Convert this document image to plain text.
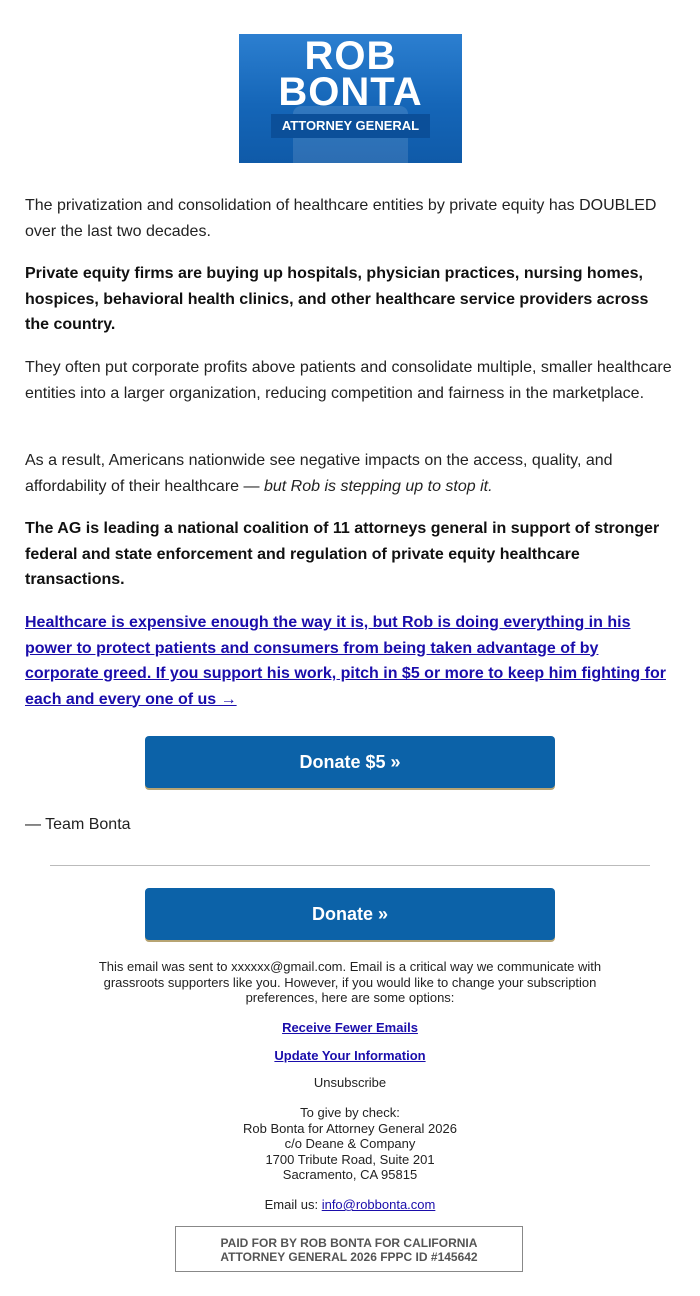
ROB
BONTA
ATTORNEY GENERAL

The privatization and consolidation of healthcare entities by private equity has DOUBLED over the last two decades.

Private equity firms are buying up hospitals, physician practices, nursing homes, hospices, behavioral health clinics, and other healthcare service providers across the country.

They often put corporate profits above patients and consolidate multiple, smaller healthcare entities into a larger organization, reducing competition and fairness in the marketplace.

As a result, Americans nationwide see negative impacts on the access, quality, and affordability of their healthcare — but Rob is stepping up to stop it.

The AG is leading a national coalition of 11 attorneys general in support of stronger federal and state enforcement and regulation of private equity healthcare transactions.

Healthcare is expensive enough the way it is, but Rob is doing everything in his power to protect patients and consumers from being taken advantage of by corporate greed. If you support his work, pitch in $5 or more to keep him fighting for each and every one of us →

Donate $5 »
— Team Bonta
Donate »
This email was sent to xxxxxx@gmail.com. Email is a critical way we communicate with grassroots supporters like you. However, if you would like to change your subscription preferences, here are some options:
Receive Fewer Emails
Update Your Information
Unsubscribe
To give by check:
Rob Bonta for Attorney General 2026
c/o Deane & Company
1700 Tribute Road, Suite 201
Sacramento, CA 95815
Email us: info@robbonta.com
PAID FOR BY ROB BONTA FOR CALIFORNIA
ATTORNEY GENERAL 2026 FPPC ID #145642
